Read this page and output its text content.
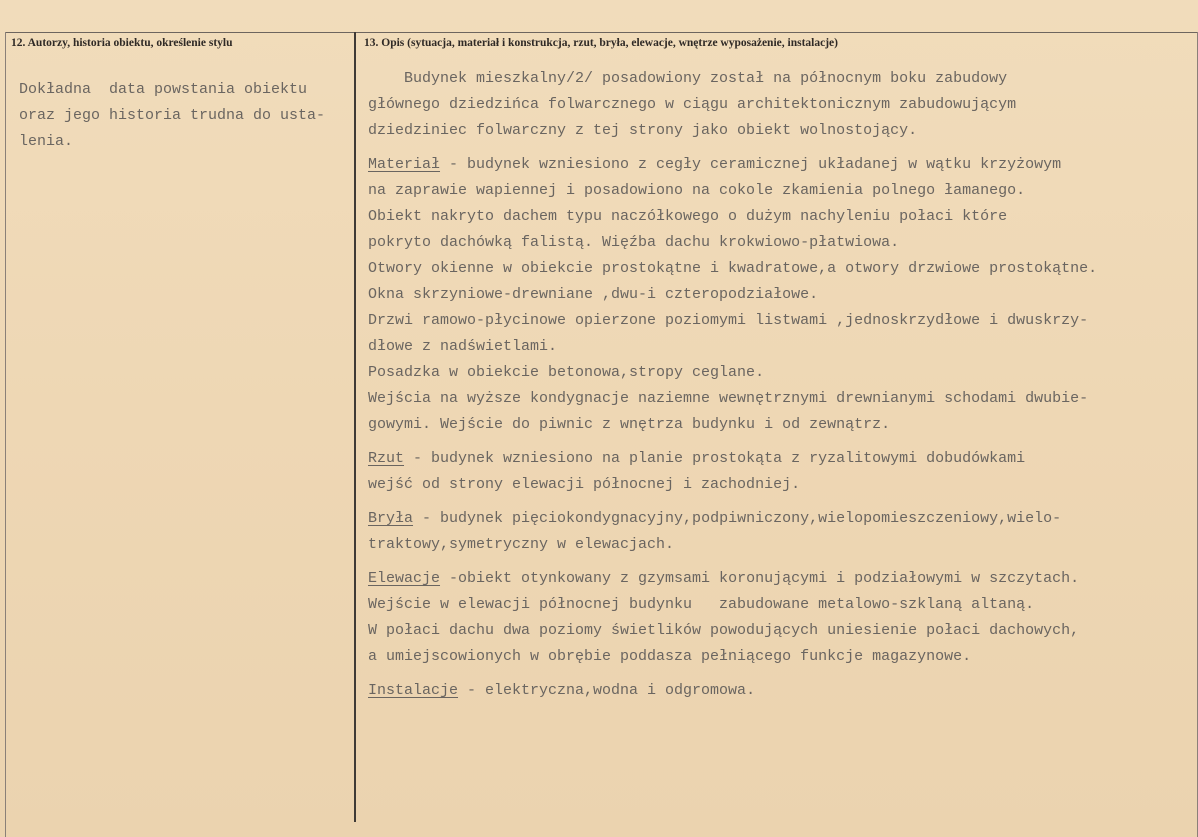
12. Autorzy, historia obiektu, określenie stylu	13. Opis (sytuacja, materiał i konstrukcja, rzut, bryła, elewacje, wnętrze wyposażenie, instalacje)
Dokładna  data powstania obiektu
oraz jego historia trudna do usta-
lenia.

Budynek mieszkalny/2/ posadowiony został na północnym boku zabudowy

głównego dziedzińca folwarcznego w ciągu architektonicznym zabudowującym

dziedziniec folwarczny z tej strony jako obiekt wolnostojący.

Materiał - budynek wzniesiono z cegły ceramicznej układanej w wątku krzyżowym

na zaprawie wapiennej i posadowiono na cokole zkamienia polnego łamanego.

Obiekt nakryto dachem typu naczółkowego o dużym nachyleniu połaci które

pokryto dachówką falistą. Więźba dachu krokwiowo-płatwiowa.

Otwory okienne w obiekcie prostokątne i kwadratowe,a otwory drzwiowe prostokątne.

Okna skrzyniowe-drewniane ,dwu-i czteropodziałowe.

Drzwi ramowo-płycinowe opierzone poziomymi listwami ,jednoskrzydłowe i dwuskrzy-

dłowe z nadświetlami.

Posadzka w obiekcie betonowa,stropy ceglane.

Wejścia na wyższe kondygnacje naziemne wewnętrznymi drewnianymi schodami dwubie-

gowymi. Wejście do piwnic z wnętrza budynku i od zewnątrz.

Rzut - budynek wzniesiono na planie prostokąta z ryzalitowymi dobudówkami

wejść od strony elewacji północnej i zachodniej.

Bryła - budynek pięciokondygnacyjny,podpiwniczony,wielopomieszczeniowy,wielo-

traktowy,symetryczny w elewacjach.

Elewacje -obiekt otynkowany z gzymsami koronującymi i podziałowymi w szczytach.

Wejście w elewacji północnej budynku   zabudowane metalowo-szklaną altaną.

W połaci dachu dwa poziomy świetlików powodujących uniesienie połaci dachowych,

a umiejscowionych w obrębie poddasza pełniącego funkcje magazynowe.

Instalacje - elektryczna,wodna i odgromowa.
